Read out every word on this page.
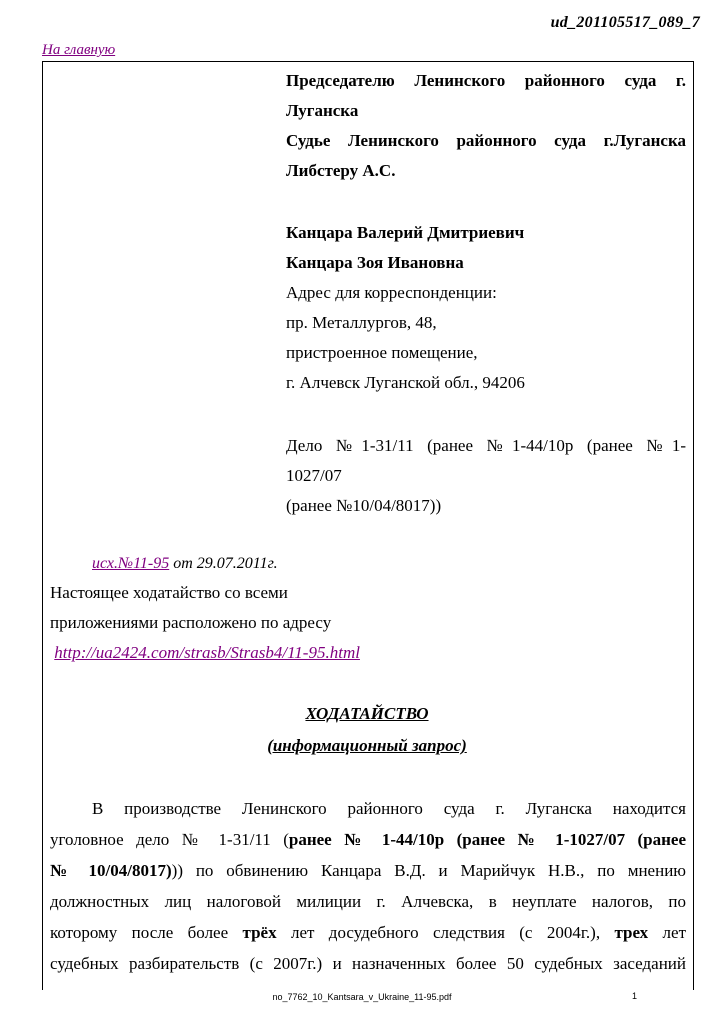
ud_201105517_089_7
На главную
Председателю Ленинского районного суда г.
Луганска
Судье Ленинского районного суда г.Луганска
Либстеру А.С.
Канцара Валерий Дмитриевич
Канцара Зоя Ивановна
Адрес для корреспонденции:
пр. Металлургов, 48,
пристроенное помещение,
г. Алчевск Луганской обл., 94206
Дело №1-31/11 (ранее №1-44/10р (ранее №1-
1027/07
(ранее №10/04/8017))
исх.№11-95 от 29.07.2011г.
Настоящее ходатайство со всеми
приложениями расположено по адресу
http://ua2424.com/strasb/Strasb4/11-95.html
ХОДАТАЙСТВО
(информационный запрос)
В производстве Ленинского районного суда г. Луганска находится
уголовное дело № 1-31/11 (ранее № 1-44/10р (ранее № 1-1027/07 (ранее
№ 10/04/8017))) по обвинению Канцара В.Д. и Марийчук Н.В., по мнению
должностных лиц налоговой милиции г. Алчевска, в неуплате налогов, по
которому после более трёх лет досудебного следствия (с 2004г.), трех лет
судебных разбирательств (с 2007г.) и назначенных более 50 судебных заседаний
no_7762_10_Kantsara_v_Ukraine_11-95.pdf	1
